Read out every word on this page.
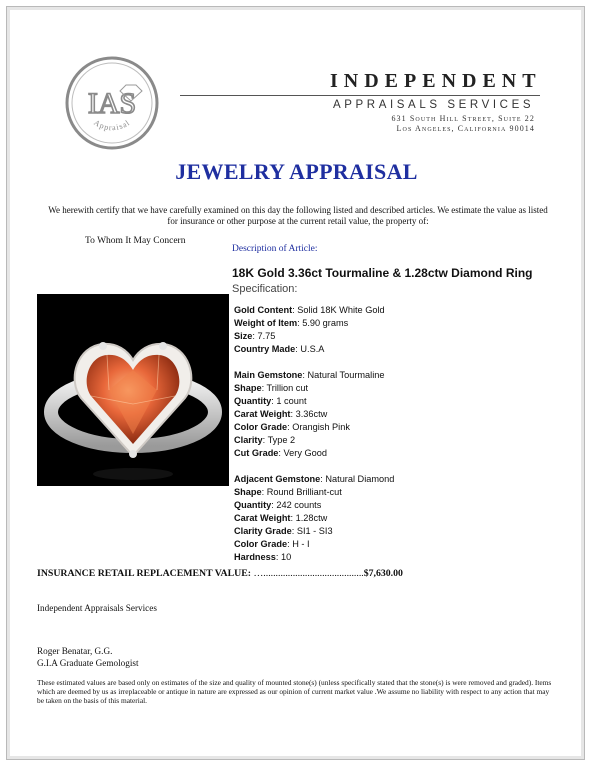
IAS
Appraisal
INDEPENDENT
APPRAISALS SERVICES
631 South Hill Street, Suite 22
Los Angeles, California 90014
JEWELRY APPRAISAL
We herewith certify that we have carefully examined on this day the following listed and described articles. We estimate the value as listed for insurance or other purpose at the current retail value, the property of:
To Whom It May Concern
Description of Article:
18K Gold 3.36ct Tourmaline & 1.28ctw Diamond Ring
Specification:
Gold Content: Solid 18K White Gold
Weight of Item: 5.90 grams
Size: 7.75
Country Made: U.S.A
Main Gemstone: Natural Tourmaline
Shape: Trillion cut
Quantity: 1 count
Carat Weight: 3.36ctw
Color Grade: Orangish Pink
Clarity: Type 2
Cut Grade: Very Good
Adjacent Gemstone: Natural Diamond
Shape: Round Brilliant-cut
Quantity: 242 counts
Carat Weight: 1.28ctw
Clarity Grade: SI1 - SI3
Color Grade: H - I
Hardness: 10
INSURANCE RETAIL REPLACEMENT VALUE: ….........................................$7,630.00
Independent Appraisals Services
Roger Benatar, G.G.
G.I.A Graduate Gemologist
These estimated values are based only on estimates of the size and quality of mounted stone(s) (unless specifically stated that the stone(s) is were removed and graded). Items which are deemed by us as irreplaceable or antique in nature are expressed as our opinion of current market value .We assume no liability with respect to any action that may be taken on the basis of this material.
